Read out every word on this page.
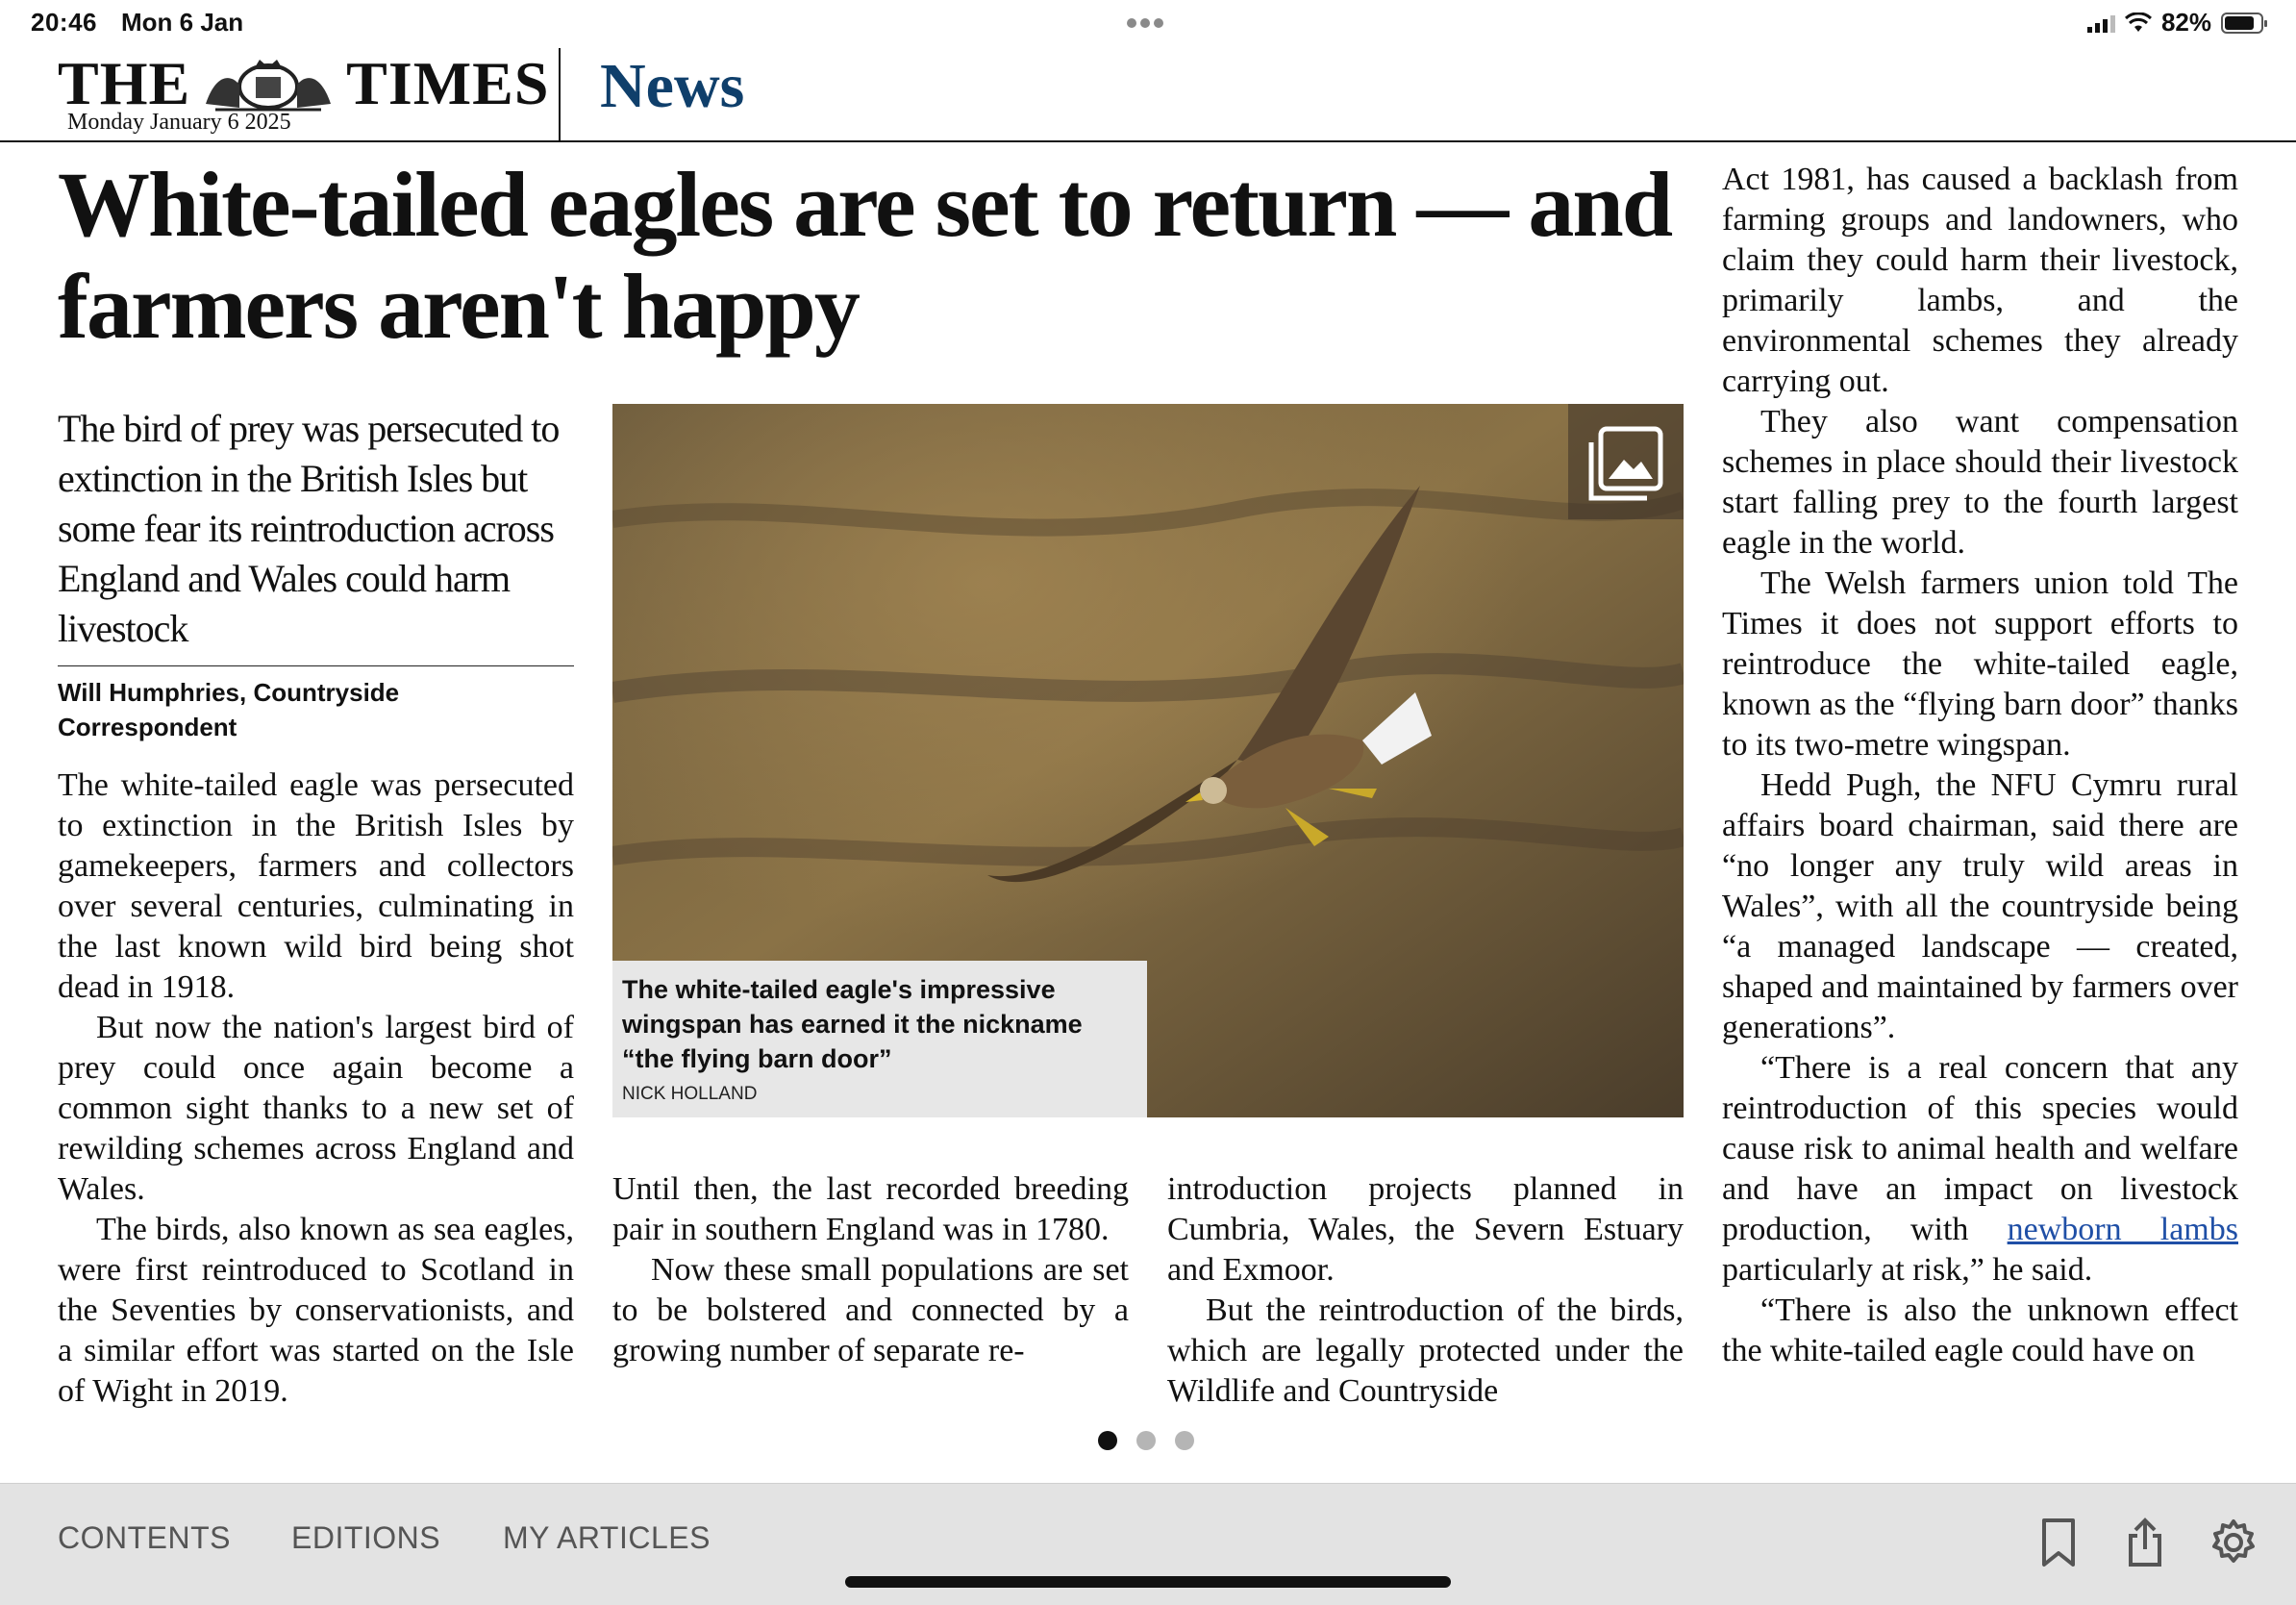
20:46 Mon 6 Jan	82%
THE	TIMES
Monday January 6 2025
News
White-tailed eagles are set to return — and farmers aren't happy

The bird of prey was persecuted to extinction in the British Isles but some fear its reintroduction across England and Wales could harm livestock

Will Humphries, Countryside Correspondent

The white-tailed eagle was persecuted to extinction in the British Isles by gamekeepers, farmers and collectors over several centuries, culminating in the last known wild bird being shot dead in 1918.

But now the nation's largest bird of prey could once again become a common sight thanks to a new set of rewilding schemes across England and Wales.

The birds, also known as sea eagles, were first reintroduced to Scotland in the Seventies by conservationists, and a similar effort was started on the Isle of Wight in 2019.

The white-tailed eagle's impressive wingspan has earned it the nickname “the flying barn door”
NICK HOLLAND

Until then, the last recorded breeding pair in southern England was in 1780.

Now these small populations are set to be bolstered and connected by a growing number of separate re-

introduction projects planned in Cumbria, Wales, the Severn Estuary and Exmoor.

But the reintroduction of the birds, which are legally protected under the Wildlife and Countryside

Act 1981, has caused a backlash from farming groups and landowners, who claim they could harm their livestock, primarily lambs, and the environmental schemes they already carrying out.

They also want compensation schemes in place should their livestock start falling prey to the fourth largest eagle in the world.

The Welsh farmers union told The Times it does not support efforts to reintroduce the white-tailed eagle, known as the “flying barn door” thanks to its two-metre wingspan.

Hedd Pugh, the NFU Cymru rural affairs board chairman, said there are “no longer any truly wild areas in Wales”, with all the countryside being “a managed landscape — created, shaped and maintained by farmers over generations”.

“There is a real concern that any reintroduction of this species would cause risk to animal health and welfare and have an impact on livestock production, with newborn lambs particularly at risk,” he said.

“There is also the unknown effect the white-tailed eagle could have on

CONTENTS EDITIONS MY ARTICLES
